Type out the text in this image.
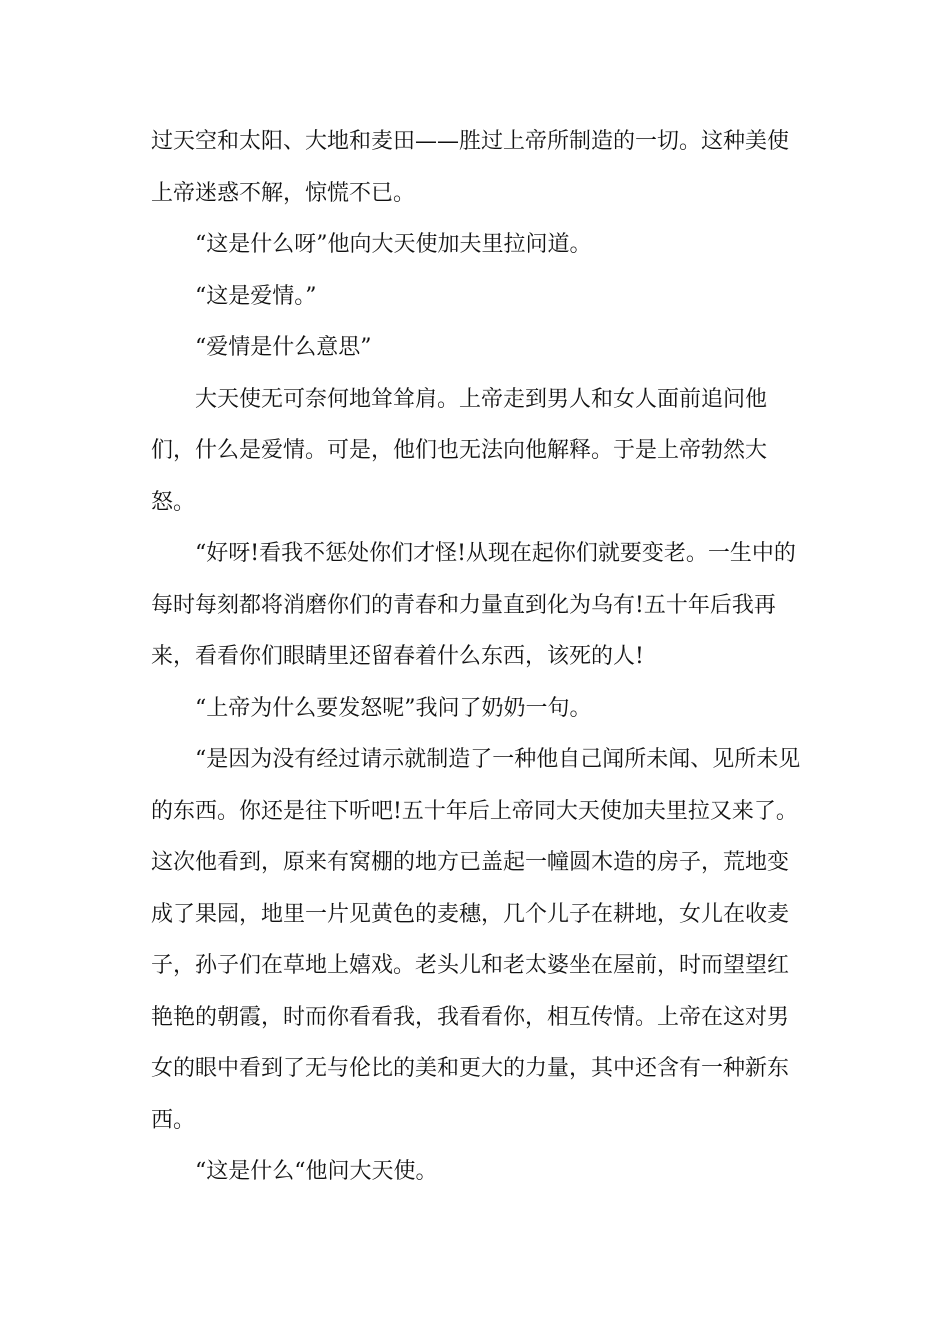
过天空和太阳、大地和麦田——胜过上帝所制造的一切。这种美使上帝迷惑不解，惊慌不已。

“这是什么呀”他向大天使加夫里拉问道。

“这是爱情。”

“爱情是什么意思”

大天使无可奈何地耸耸肩。上帝走到男人和女人面前追问他们，什么是爱情。可是，他们也无法向他解释。于是上帝勃然大怒。

“好呀!看我不惩处你们才怪!从现在起你们就要变老。一生中的每时每刻都将消磨你们的青春和力量直到化为乌有!五十年后我再来，看看你们眼睛里还留春着什么东西，该死的人!

“上帝为什么要发怒呢”我问了奶奶一句。

“是因为没有经过请示就制造了一种他自己闻所未闻、见所未见的东西。你还是往下听吧!五十年后上帝同大天使加夫里拉又来了。这次他看到，原来有窝棚的地方已盖起一幢圆木造的房子，荒地变成了果园，地里一片见黄色的麦穗，几个儿子在耕地，女儿在收麦子，孙子们在草地上嬉戏。老头儿和老太婆坐在屋前，时而望望红艳艳的朝霞，时而你看看我，我看看你，相互传情。上帝在这对男女的眼中看到了无与伦比的美和更大的力量，其中还含有一种新东西。

“这是什么“他问大天使。
